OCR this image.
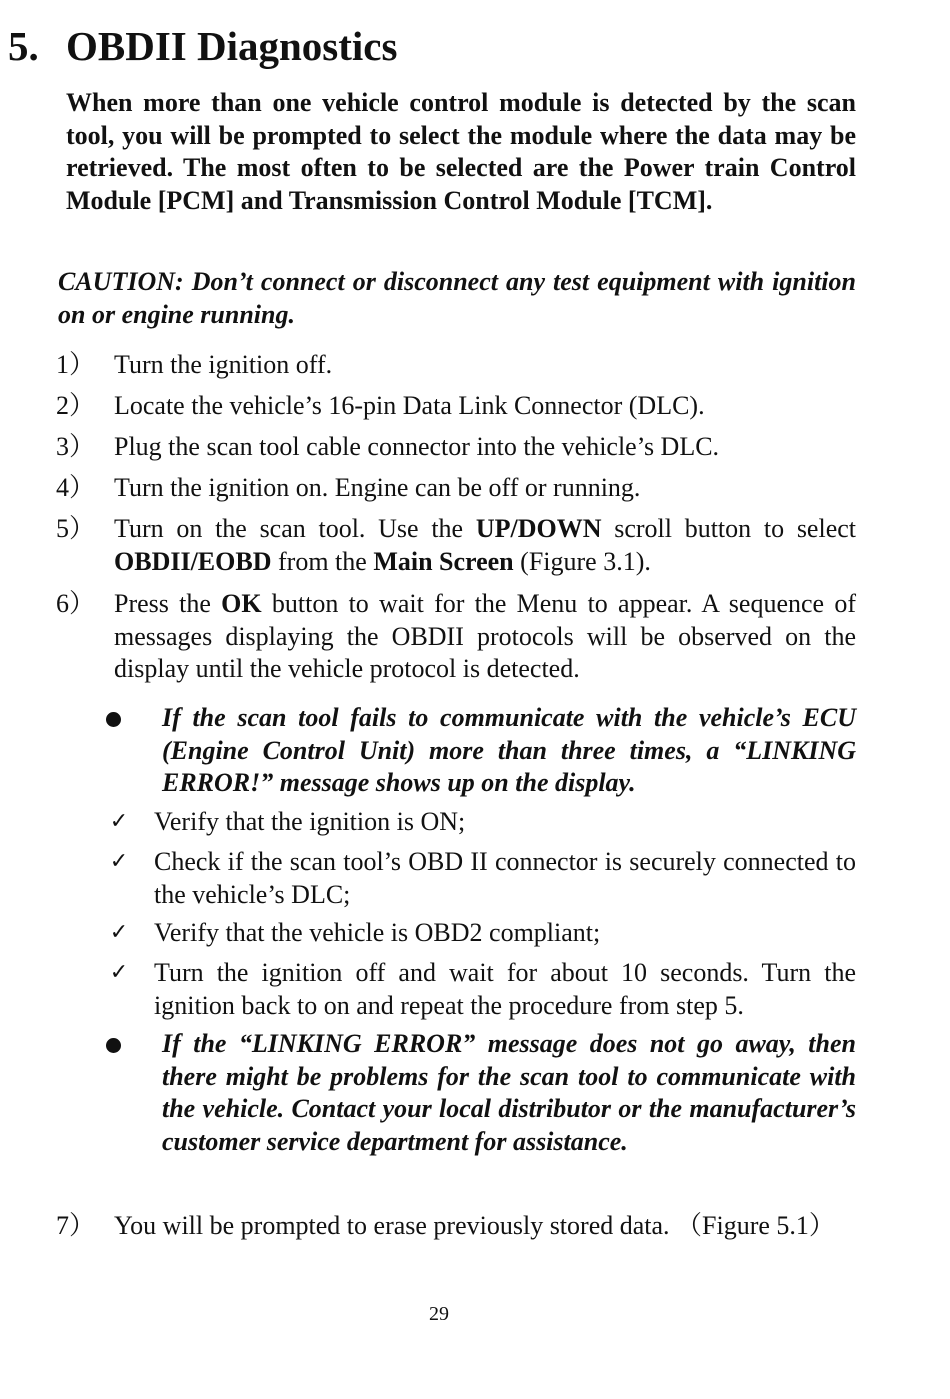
5. OBDII Diagnostics

When more than one vehicle control module is detected by the scan tool, you will be prompted to select the module where the data may be retrieved. The most often to be selected are the Power train Control Module [PCM] and Transmission Control Module [TCM].

CAUTION: Don’t connect or disconnect any test equipment with ignition on or engine running.

1） Turn the ignition off.
2） Locate the vehicle’s 16-pin Data Link Connector (DLC).
3） Plug the scan tool cable connector into the vehicle’s DLC.
4） Turn the ignition on. Engine can be off or running.
5） Turn on the scan tool. Use the UP/DOWN scroll button to select OBDII/EOBD from the Main Screen (Figure 3.1).
6） Press the OK button to wait for the Menu to appear. A sequence of messages displaying the OBDII protocols will be observed on the display until the vehicle protocol is detected.
If the scan tool fails to communicate with the vehicle’s ECU (Engine Control Unit) more than three times, a “LINKING ERROR!” message shows up on the display.
✓ Verify that the ignition is ON;
✓ Check if the scan tool’s OBD II connector is securely connected to the vehicle’s DLC;
✓ Verify that the vehicle is OBD2 compliant;
✓ Turn the ignition off and wait for about 10 seconds. Turn the ignition back to on and repeat the procedure from step 5.
If the “LINKING ERROR” message does not go away, then there might be problems for the scan tool to communicate with the vehicle. Contact your local distributor or the manufacturer’s customer service department for assistance.
7） You will be prompted to erase previously stored data. （Figure 5.1）
29
